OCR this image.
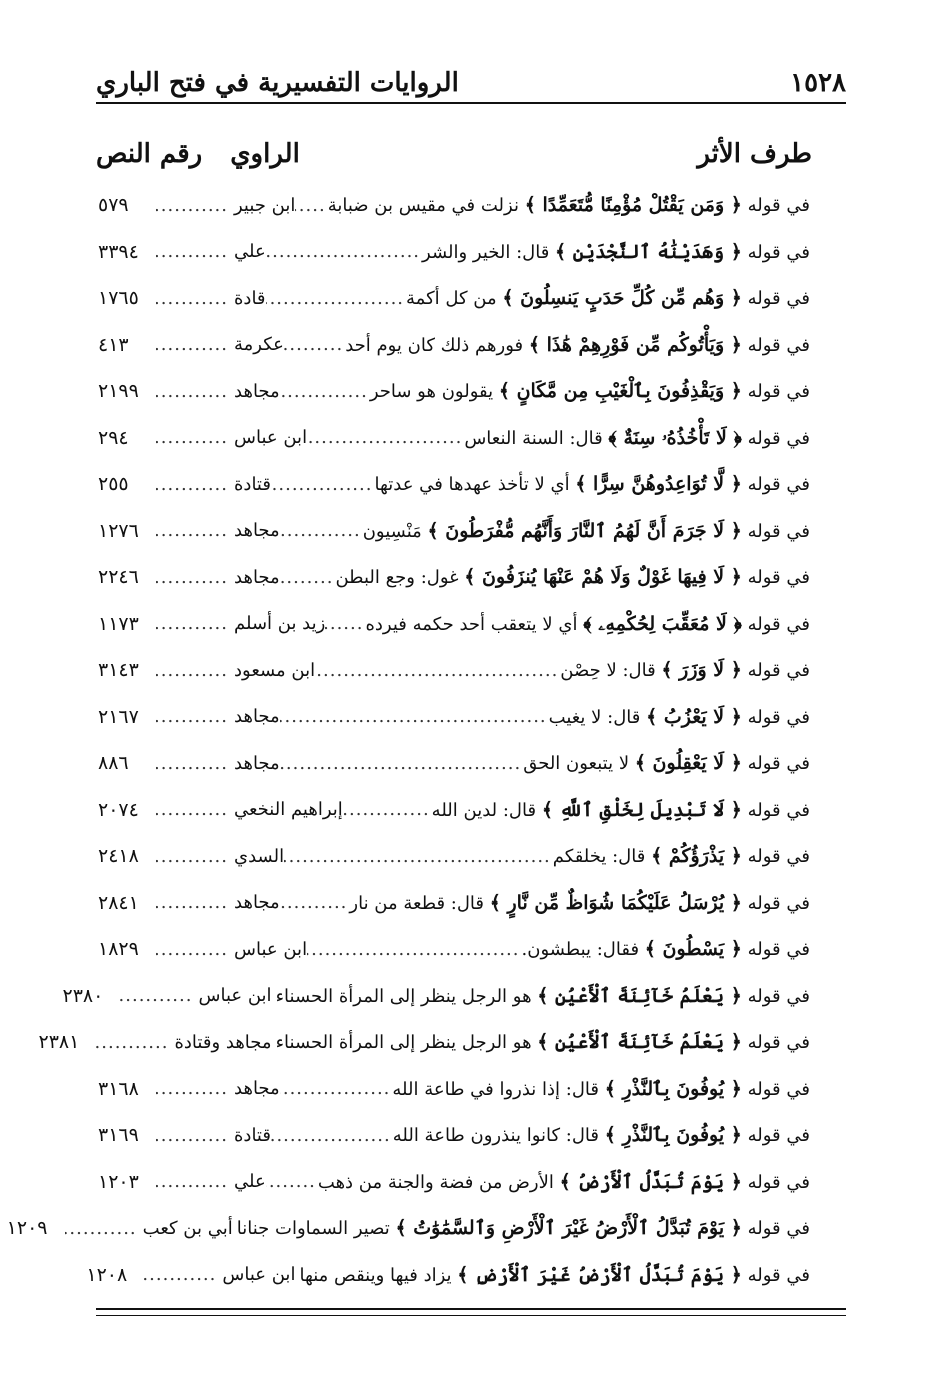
١٥٢٨
الروايات التفسيرية في فتح الباري
طرف الأثر
الراوي
رقم النص
في قوله ﴿ وَمَن يَقْتُلْ مُؤْمِنًا مُّتَعَمِّدًا ﴾ نزلت في مقيس بن ضبابة
.....
ابن جبير
.....
٥٧٩
في قوله ﴿ وَهَدَيْنَٰهُ ٱلنَّجْدَيْنِ ﴾ قال: الخير والشر
.....
علي
.....
٣٣٩٤
في قوله ﴿ وَهُم مِّن كُلِّ حَدَبٍ يَنسِلُونَ ﴾ من كل أكمة
.....
قادة
.....
١٧٦٥
في قوله ﴿ وَيَأْتُوكُم مِّن فَوْرِهِمْ هَٰذَا ﴾ فورهم ذلك كان يوم أحد
.....
عكرمة
.....
٤١٣
في قوله ﴿ وَيَقْذِفُونَ بِٱلْغَيْبِ مِن مَّكَانٍ ﴾ يقولون هو ساحر
.....
مجاهد
.....
٢١٩٩
في قوله ﴿ لَا تَأْخُذُهُۥ سِنَةٌ ﴾ قال: السنة النعاس
.....
ابن عباس
.....
٢٩٤
في قوله ﴿ لَّا تُوَاعِدُوهُنَّ سِرًّا ﴾ أي لا تأخذ عهدها في عدتها
.....
قتادة
.....
٢٥٥
في قوله ﴿ لَا جَرَمَ أَنَّ لَهُمُ ٱلنَّارَ وَأَنَّهُم مُّفْرَطُونَ ﴾ مَنْسِيون
.....
مجاهد
.....
١٢٧٦
في قوله ﴿ لَا فِيهَا غَوْلٌ وَلَا هُمْ عَنْهَا يُنزَفُونَ ﴾ غول: وجع البطن
.....
مجاهد
.....
٢٢٤٦
في قوله ﴿ لَا مُعَقِّبَ لِحُكْمِهِۦ ﴾ أي لا يتعقب أحد حكمه فيرده
.....
زيد بن أسلم
.....
١١٧٣
في قوله ﴿ لَا وَزَرَ ﴾ قال: لا حِصْن
.....
ابن مسعود
.....
٣١٤٣
في قوله ﴿ لَا يَعْزُبُ ﴾ قال: لا يغيب
.....
مجاهد
.....
٢١٦٧
في قوله ﴿ لَا يَعْقِلُونَ ﴾ لا يتبعون الحق
.....
مجاهد
.....
٨٨٦
في قوله ﴿ لَا تَبْدِيلَ لِخَلْقِ ٱللَّهِ ﴾ قال: لدين الله
.....
إبراهيم النخعي
.....
٢٠٧٤
في قوله ﴿ يَذْرَؤُكُمْ ﴾ قال: يخلقكم
.....
السدي
.....
٢٤١٨
في قوله ﴿ يُرْسَلُ عَلَيْكُمَا شُوَاظٌ مِّن نَّارٍ ﴾ قال: قطعة من نار
.....
مجاهد
.....
٢٨٤١
في قوله ﴿ يَسْطُونَ ﴾ فقال: يبطشون.
.....
ابن عباس
.....
١٨٢٩
في قوله ﴿ يَعْلَمُ خَآئِنَةَ ٱلْأَعْيُنِ ﴾ هو الرجل ينظر إلى المرأة الحسناء
.....
ابن عباس
.....
٢٣٨٠
في قوله ﴿ يَعْلَمُ خَآئِنَةَ ٱلْأَعْيُنِ ﴾ هو الرجل ينظر إلى المرأة الحسناء
.....
مجاهد وقتادة
.....
٢٣٨١
في قوله ﴿ يُوفُونَ بِٱلنَّذْرِ ﴾ قال: إذا نذروا في طاعة الله
.....
مجاهد
.....
٣١٦٨
في قوله ﴿ يُوفُونَ بِٱلنَّذْرِ ﴾ قال: كانوا ينذرون طاعة الله
.....
قتادة
.....
٣١٦٩
في قوله ﴿ يَوْمَ تُبَدَّلُ ٱلْأَرْضُ ﴾ الأرض من فضة والجنة من ذهب
.....
علي
.....
١٢٠٣
في قوله ﴿ يَوْمَ تُبَدَّلُ ٱلْأَرْضُ غَيْرَ ٱلْأَرْضِ وَٱلسَّمَٰوَٰتُ ﴾ تصير السماوات جنانا
.....
أبي بن كعب
.....
١٢٠٩
في قوله ﴿ يَوْمَ تُبَدَّلُ ٱلْأَرْضُ غَيْرَ ٱلْأَرْضِ ﴾ يزاد فيها وينقص منها
.....
ابن عباس
.....
١٢٠٨
